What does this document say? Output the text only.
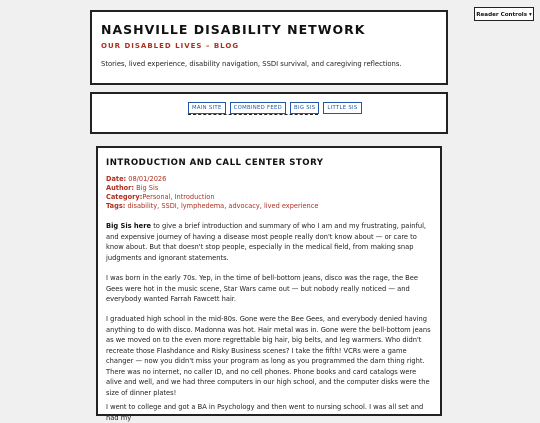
Reader Controls ▾
NASHVILLE DISABILITY NETWORK
OUR DISABLED LIVES – BLOG
Stories, lived experience, disability navigation, SSDI survival, and caregiving reflections.
MAIN SITE	COMBINED FEED	BIG SIS	LITTLE SIS
INTRODUCTION AND CALL CENTER STORY
Date: 08/01/2026
Author: Big Sis
Category:Personal, Introduction
Tags: disability, SSDI, lymphedema, advocacy, lived experience
Big Sis here to give a brief introduction and summary of who I am and my frustrating, painful, and expensive journey of having a disease most people really don't know about — or care to know about. But that doesn't stop people, especially in the medical field, from making snap judgments and ignorant statements.
I was born in the early 70s. Yep, in the time of bell-bottom jeans, disco was the rage, the Bee Gees were hot in the music scene, Star Wars came out — but nobody really noticed — and everybody wanted Farrah Fawcett hair.
I graduated high school in the mid-80s. Gone were the Bee Gees, and everybody denied having anything to do with disco. Madonna was hot. Hair metal was in. Gone were the bell-bottom jeans as we moved on to the even more regrettable big hair, big belts, and leg warmers. Who didn't recreate those Flashdance and Risky Business scenes? I take the fifth! VCRs were a game changer — now you didn't miss your program as long as you programmed the darn thing right. There was no internet, no caller ID, and no cell phones. Phone books and card catalogs were alive and well, and we had three computers in our high school, and the computer disks were the size of dinner plates!
I went to college and got a BA in Psychology and then went to nursing school. I was all set and had my
